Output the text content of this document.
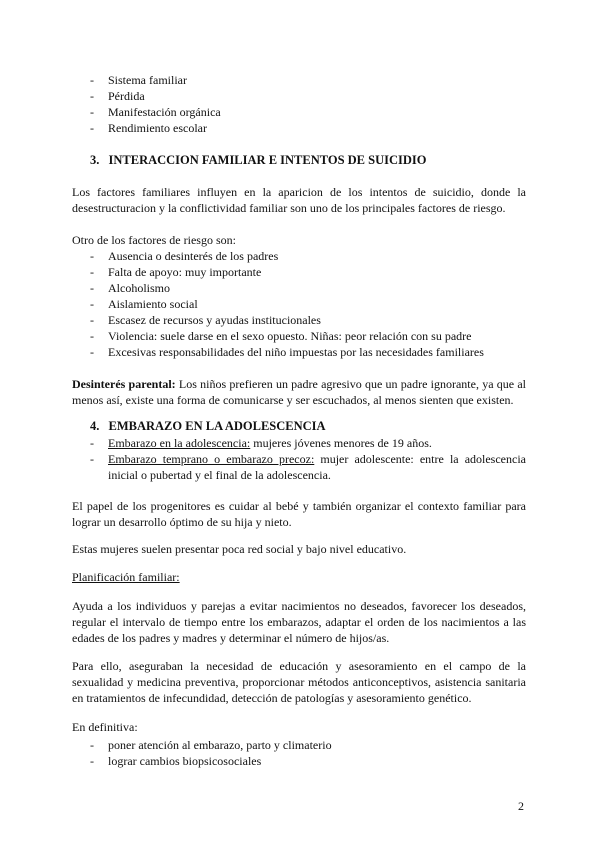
- Sistema familiar
- Pérdida
- Manifestación orgánica
- Rendimiento escolar
3. INTERACCION FAMILIAR E INTENTOS DE SUICIDIO
Los factores familiares influyen en la aparicion de los intentos de suicidio, donde la
desestructuracion y la conflictividad familiar son uno de los principales factores de riesgo.
Otro de los factores de riesgo son:
- Ausencia o desinterés de los padres
- Falta de apoyo: muy importante
- Alcoholismo
- Aislamiento social
- Escasez de recursos y ayudas institucionales
- Violencia: suele darse en el sexo opuesto. Niñas: peor relación con su padre
- Excesivas responsabilidades del niño impuestas por las necesidades familiares
Desinterés parental: Los niños prefieren un padre agresivo que un padre ignorante, ya que al
menos así, existe una forma de comunicarse y ser escuchados, al menos sienten que existen.
4. EMBARAZO EN LA ADOLESCENCIA
- Embarazo en la adolescencia: mujeres jóvenes menores de 19 años.
- Embarazo temprano o embarazo precoz: mujer adolescente: entre la adolescencia
inicial o pubertad y el final de la adolescencia.
El papel de los progenitores es cuidar al bebé y también organizar el contexto familiar para
lograr un desarrollo óptimo de su hija y nieto.
Estas mujeres suelen presentar poca red social y bajo nivel educativo.
Planificación familiar:
Ayuda a los individuos y parejas a evitar nacimientos no deseados, favorecer los deseados,
regular el intervalo de tiempo entre los embarazos, adaptar el orden de los nacimientos a las
edades de los padres y madres y determinar el número de hijos/as.
Para ello, aseguraban la necesidad de educación y asesoramiento en el campo de la
sexualidad y medicina preventiva, proporcionar métodos anticonceptivos, asistencia sanitaria
en tratamientos de infecundidad, detección de patologías y asesoramiento genético.
En definitiva:
- poner atención al embarazo, parto y climaterio
- lograr cambios biopsicosociales
2
